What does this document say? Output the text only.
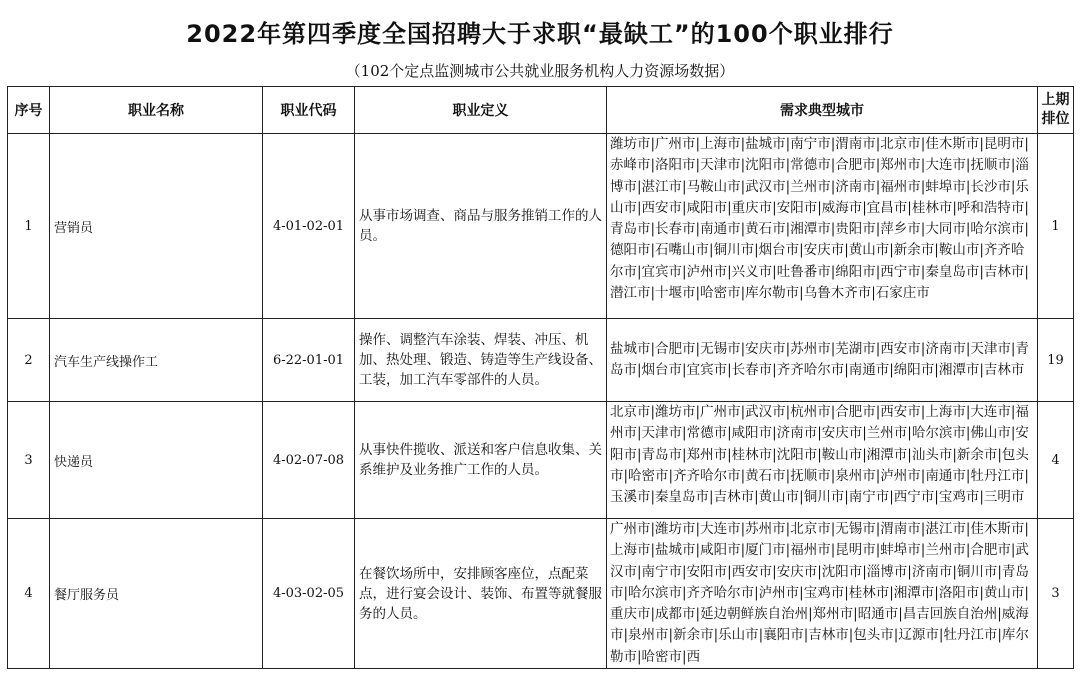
2022年第四季度全国招聘大于求职“最缺工”的100个职业排行
（102个定点监测城市公共就业服务机构人力资源场数据）
序号	职业名称	职业代码	职业定义	需求典型城市	上期排位
1	营销员	4-01-02-01	从事市场调查、商品与服务推销工作的人员。	潍坊市|广州市|上海市|盐城市|南宁市|渭南市|北京市|佳木斯市|昆明市|赤峰市|洛阳市|天津市|沈阳市|常德市|合肥市|郑州市|大连市|抚顺市|淄博市|湛江市|马鞍山市|武汉市|兰州市|济南市|福州市|蚌埠市|长沙市|乐山市|西安市|咸阳市|重庆市|安阳市|威海市|宜昌市|桂林市|呼和浩特市|青岛市|长春市|南通市|黄石市|湘潭市|贵阳市|萍乡市|大同市|哈尔滨市|德阳市|石嘴山市|铜川市|烟台市|安庆市|黄山市|新余市|鞍山市|齐齐哈尔市|宜宾市|泸州市|兴义市|吐鲁番市|绵阳市|西宁市|秦皇岛市|吉林市|潜江市|十堰市|哈密市|库尔勒市|乌鲁木齐市|石家庄市	1
2	汽车生产线操作工	6-22-01-01	操作、调整汽车涂装、焊装、冲压、机加、热处理、锻造、铸造等生产线设备、工装，加工汽车零部件的人员。	盐城市|合肥市|无锡市|安庆市|苏州市|芜湖市|西安市|济南市|天津市|青岛市|烟台市|宜宾市|长春市|齐齐哈尔市|南通市|绵阳市|湘潭市|吉林市	19
3	快递员	4-02-07-08	从事快件揽收、派送和客户信息收集、关系维护及业务推广工作的人员。	北京市|潍坊市|广州市|武汉市|杭州市|合肥市|西安市|上海市|大连市|福州市|天津市|常德市|咸阳市|济南市|安庆市|兰州市|哈尔滨市|佛山市|安阳市|青岛市|郑州市|桂林市|沈阳市|鞍山市|湘潭市|汕头市|新余市|包头市|哈密市|齐齐哈尔市|黄石市|抚顺市|泉州市|泸州市|南通市|牡丹江市|玉溪市|秦皇岛市|吉林市|黄山市|铜川市|南宁市|西宁市|宝鸡市|三明市	4
4	餐厅服务员	4-03-02-05	在餐饮场所中，安排顾客座位，点配菜点，进行宴会设计、装饰、布置等就餐服务的人员。	广州市|潍坊市|大连市|苏州市|北京市|无锡市|渭南市|湛江市|佳木斯市|上海市|盐城市|咸阳市|厦门市|福州市|昆明市|蚌埠市|兰州市|合肥市|武汉市|南宁市|安阳市|西安市|安庆市|沈阳市|淄博市|济南市|铜川市|青岛市|哈尔滨市|齐齐哈尔市|泸州市|宝鸡市|桂林市|湘潭市|洛阳市|黄山市|重庆市|成都市|延边朝鲜族自治州|郑州市|昭通市|昌吉回族自治州|威海市|泉州市|新余市|乐山市|襄阳市|吉林市|包头市|辽源市|牡丹江市|库尔勒市|哈密市|西	3
